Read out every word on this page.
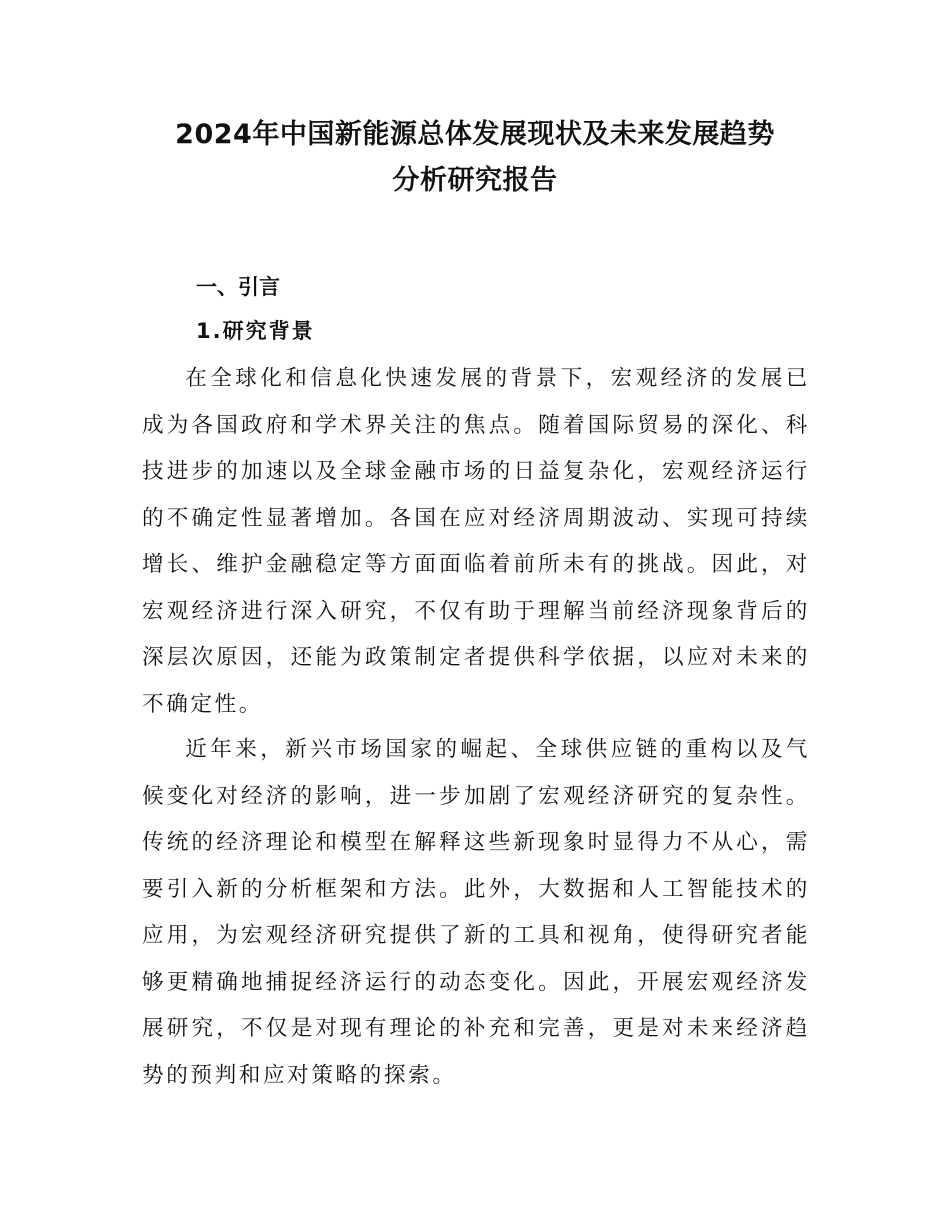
2024年中国新能源总体发展现状及未来发展趋势
分析研究报告
一、引言
1.研究背景

在全球化和信息化快速发展的背景下，宏观经济的发展已成为各国政府和学术界关注的焦点。随着国际贸易的深化、科技进步的加速以及全球金融市场的日益复杂化，宏观经济运行的不确定性显著增加。各国在应对经济周期波动、实现可持续增长、维护金融稳定等方面面临着前所未有的挑战。因此，对宏观经济进行深入研究，不仅有助于理解当前经济现象背后的深层次原因，还能为政策制定者提供科学依据，以应对未来的不确定性。

近年来，新兴市场国家的崛起、全球供应链的重构以及气候变化对经济的影响，进一步加剧了宏观经济研究的复杂性。传统的经济理论和模型在解释这些新现象时显得力不从心，需要引入新的分析框架和方法。此外，大数据和人工智能技术的应用，为宏观经济研究提供了新的工具和视角，使得研究者能够更精确地捕捉经济运行的动态变化。因此，开展宏观经济发展研究，不仅是对现有理论的补充和完善，更是对未来经济趋势的预判和应对策略的探索。
